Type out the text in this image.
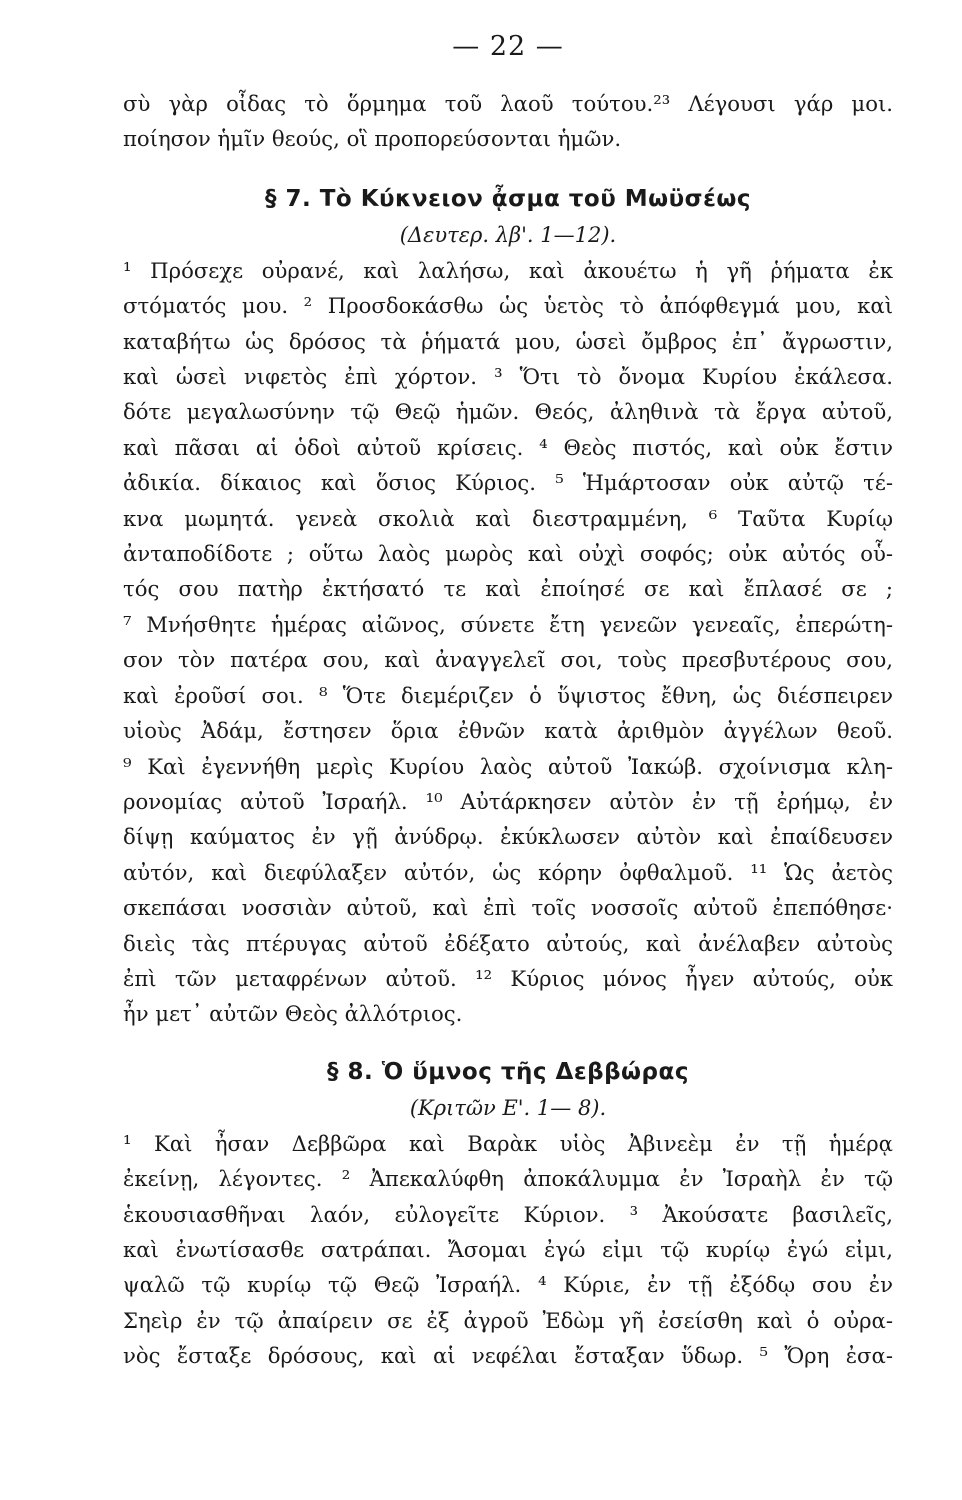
— 22 —
σὺ γὰρ οἶδας τὸ ὅρμημα τοῦ λαοῦ τούτου.²³ Λέγουσι γάρ μοι.
ποίησον ἡμῖν θεούς, οἳ προπορεύσονται ἡμῶν.
§ 7. Τὸ Κύκνειον ᾆσμα τοῦ Μωϋσέως
(Δευτερ. λβ'. 1—12).
¹ Πρόσεχε οὐρανέ, καὶ λαλήσω, καὶ ἀκουέτω ἡ γῆ ῥήματα ἐκ
στόματός μου. ² Προσδοκάσθω ὡς ὑετὸς τὸ ἀπόφθεγμά μου, καὶ
καταβήτω ὡς δρόσος τὰ ῥήματά μου, ὡσεὶ ὄμβρος ἐπ᾿ ἄγρωστιν,
καὶ ὡσεὶ νιφετὸς ἐπὶ χόρτον. ³ Ὅτι τὸ ὄνομα Κυρίου ἐκάλεσα.
δότε μεγαλωσύνην τῷ Θεῷ ἡμῶν. Θεός, ἀληθινὰ τὰ ἔργα αὐτοῦ,
καὶ πᾶσαι αἱ ὁδοὶ αὐτοῦ κρίσεις. ⁴ Θεὸς πιστός, καὶ οὐκ ἔστιν
ἀδικία. δίκαιος καὶ ὅσιος Κύριος. ⁵ Ἡμάρτοσαν οὐκ αὐτῷ τέ-
κνα μωμητά. γενεὰ σκολιὰ καὶ διεστραμμένη, ⁶ Ταῦτα Κυρίῳ
ἀνταποδίδοτε ; οὕτω λαὸς μωρὸς καὶ οὐχὶ σοφός; οὐκ αὐτός οὗ-
τός σου πατὴρ ἐκτήσατό τε καὶ ἐποίησέ σε καὶ ἔπλασέ σε ;
⁷ Μνήσθητε ἡμέρας αἰῶνος, σύνετε ἔτη γενεῶν γενεαῖς, ἐπερώτη-
σον τὸν πατέρα σου, καὶ ἀναγγελεῖ σοι, τοὺς πρεσβυτέρους σου,
καὶ ἐροῦσί σοι. ⁸ Ὅτε διεμέριζεν ὁ ὕψιστος ἔθνη, ὡς διέσπειρεν
υἱοὺς Ἀδάμ, ἔστησεν ὅρια ἐθνῶν κατὰ ἀριθμὸν ἀγγέλων θεοῦ.
⁹ Καὶ ἐγεννήθη μερὶς Κυρίου λαὸς αὐτοῦ Ἰακώβ. σχοίνισμα κλη-
ρονομίας αὐτοῦ Ἰσραήλ. ¹⁰ Αὐτάρκησεν αὐτὸν ἐν τῇ ἐρήμῳ, ἐν
δίψῃ καύματος ἐν γῇ ἀνύδρῳ. ἐκύκλωσεν αὐτὸν καὶ ἐπαίδευσεν
αὐτόν, καὶ διεφύλαξεν αὐτόν, ὡς κόρην ὀφθαλμοῦ. ¹¹ Ὡς ἀετὸς
σκεπάσαι νοσσιὰν αὐτοῦ, καὶ ἐπὶ τοῖς νοσσοῖς αὐτοῦ ἐπεπόθησε·
διεὶς τὰς πτέρυγας αὐτοῦ ἐδέξατο αὐτούς, καὶ ἀνέλαβεν αὐτοὺς
ἐπὶ τῶν μεταφρένων αὐτοῦ. ¹² Κύριος μόνος ἦγεν αὐτούς, οὐκ
ἦν μετ᾿ αὐτῶν Θεὸς ἀλλότριος.
§ 8. Ὁ ὕμνος τῆς Δεββώρας
(Κριτῶν Ε'. 1— 8).
¹ Καὶ ἦσαν Δεββῶρα καὶ Βαρὰκ υἱὸς Ἀβινεὲμ ἐν τῇ ἡμέρᾳ
ἐκείνῃ, λέγοντες. ² Ἀπεκαλύφθη ἀποκάλυμμα ἐν Ἰσραὴλ ἐν τῷ
ἑκουσιασθῆναι λαόν, εὐλογεῖτε Κύριον. ³ Ἀκούσατε βασιλεῖς,
καὶ ἐνωτίσασθε σατράπαι. Ἄσομαι ἐγώ εἰμι τῷ κυρίῳ ἐγώ εἰμι,
ψαλῶ τῷ κυρίῳ τῷ Θεῷ Ἰσραήλ. ⁴ Κύριε, ἐν τῇ ἐξόδῳ σου ἐν
Σηεὶρ ἐν τῷ ἀπαίρειν σε ἐξ ἀγροῦ Ἐδὼμ γῆ ἐσείσθη καὶ ὁ οὐρα-
νὸς ἔσταξε δρόσους, καὶ αἱ νεφέλαι ἔσταξαν ὕδωρ. ⁵ Ὄρη ἐσα-
